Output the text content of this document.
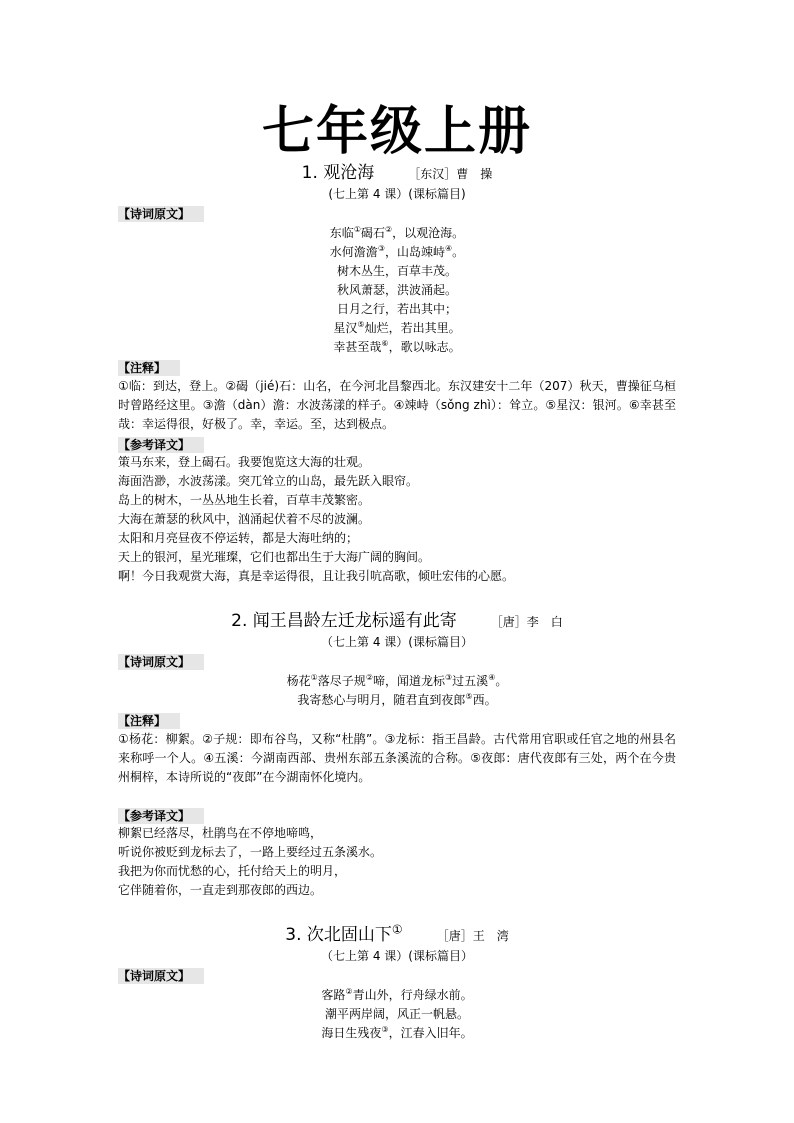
七年级上册
1. 观沧海	［东汉］曹　操
(七上第 4 课）(课标篇目)
【诗词原文】
东临①碣石②，以观沧海。
水何澹澹③，山岛竦峙④。
树木丛生，百草丰茂。
秋风萧瑟，洪波涌起。
日月之行，若出其中；
星汉⑤灿烂，若出其里。
幸甚至哉⑥，歌以咏志。
【注释】
①临：到达，登上。②碣（jié)石：山名，在今河北昌黎西北。东汉建安十二年（207）秋天，曹操征乌桓时曾路经这里。③澹（dàn）澹：水波荡漾的样子。④竦峙（sǒng zhì）：耸立。⑤星汉：银河。⑥幸甚至哉：幸运得很，好极了。幸，幸运。至，达到极点。
【参考译文】
策马东来，登上碣石。我要饱览这大海的壮观。
海面浩渺，水波荡漾。突兀耸立的山岛，最先跃入眼帘。
岛上的树木，一丛丛地生长着，百草丰茂繁密。
大海在萧瑟的秋风中，汹涌起伏着不尽的波澜。
太阳和月亮昼夜不停运转，都是大海吐纳的；
天上的银河，星光璀璨，它们也都出生于大海广阔的胸间。
啊！今日我观赏大海，真是幸运得很，且让我引吭高歌，倾吐宏伟的心愿。
2. 闻王昌龄左迁龙标遥有此寄	［唐］李　白
（七上第 4 课）(课标篇目）
【诗词原文】
杨花①落尽子规②啼，闻道龙标③过五溪④。
我寄愁心与明月，随君直到夜郎⑤西。
【注释】
①杨花：柳絮。②子规：即布谷鸟，又称“杜鹃”。③龙标：指王昌龄。古代常用官职或任官之地的州县名来称呼一个人。④五溪：今湖南西部、贵州东部五条溪流的合称。⑤夜郎：唐代夜郎有三处，两个在今贵州桐梓，本诗所说的“夜郎”在今湖南怀化境内。
【参考译文】
柳絮已经落尽，杜鹃鸟在不停地啼鸣，
听说你被贬到龙标去了，一路上要经过五条溪水。
我把为你而忧愁的心，托付给天上的明月，
它伴随着你，一直走到那夜郎的西边。
3. 次北固山下①	［唐］王　湾
（七上第 4 课）(课标篇目）
【诗词原文】
客路②青山外，行舟绿水前。
潮平两岸阔，风正一帆悬。
海日生残夜③，江春入旧年。
